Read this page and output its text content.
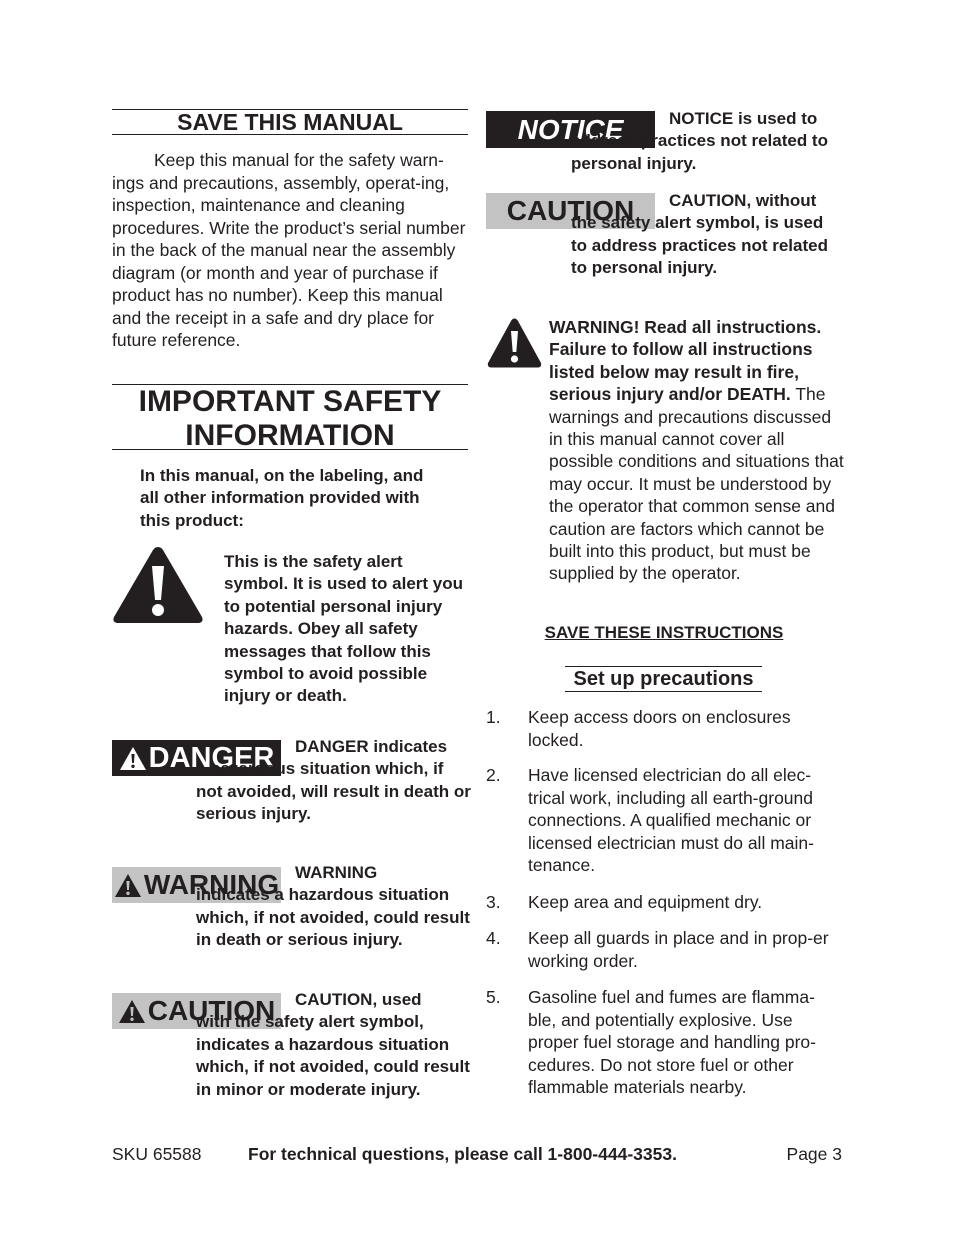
SAVE THIS MANUAL
Keep this manual for the safety warn-ings and precautions, assembly, operat-ing, inspection, maintenance and cleaning procedures. Write the product’s serial number in the back of the manual near the assembly diagram (or month and year of purchase if product has no number). Keep this manual and the receipt in a safe and dry place for future reference.
IMPORTANT SAFETY
INFORMATION
In this manual, on the labeling, and all other information provided with this product:
This is the safety alert symbol. It is used to alert you to potential personal injury hazards. Obey all safety messages that follow this symbol to avoid possible injury or death.
DANGER	DANGER indicates
a hazardous situation which, if not avoided, will result in death or serious injury.
WARNING WARNING
indicates a hazardous situation which, if not avoided, could result in death or serious injury.
CAUTION	CAUTION, used
with the safety alert symbol, indicates a hazardous situation which, if not avoided, could result in minor or moderate injury.
NOTICE	NOTICE is used to
address practices not related to personal injury.
CAUTION	CAUTION, without
the safety alert symbol, is used to address practices not related to personal injury.
WARNING! Read all instructions. Failure to follow all instructions listed below may result in fire, serious injury and/or DEATH. The warnings and precautions discussed in this manual cannot cover all possible conditions and situations that may occur. It must be understood by the operator that common sense and caution are factors which cannot be built into this product, but must be supplied by the operator.
SAVE THESE INSTRUCTIONS
Set up precautions
1. Keep access doors on enclosures locked.
2. Have licensed electrician do all elec-trical work, including all earth-ground connections. A qualified mechanic or licensed electrician must do all main-tenance.
3. Keep area and equipment dry.
4. Keep all guards in place and in prop-er working order.
5. Gasoline fuel and fumes are flamma-ble, and potentially explosive. Use proper fuel storage and handling pro-cedures. Do not store fuel or other flammable materials nearby.
SKU 65588	For technical questions, please call 1-800-444-3353.	Page 3
